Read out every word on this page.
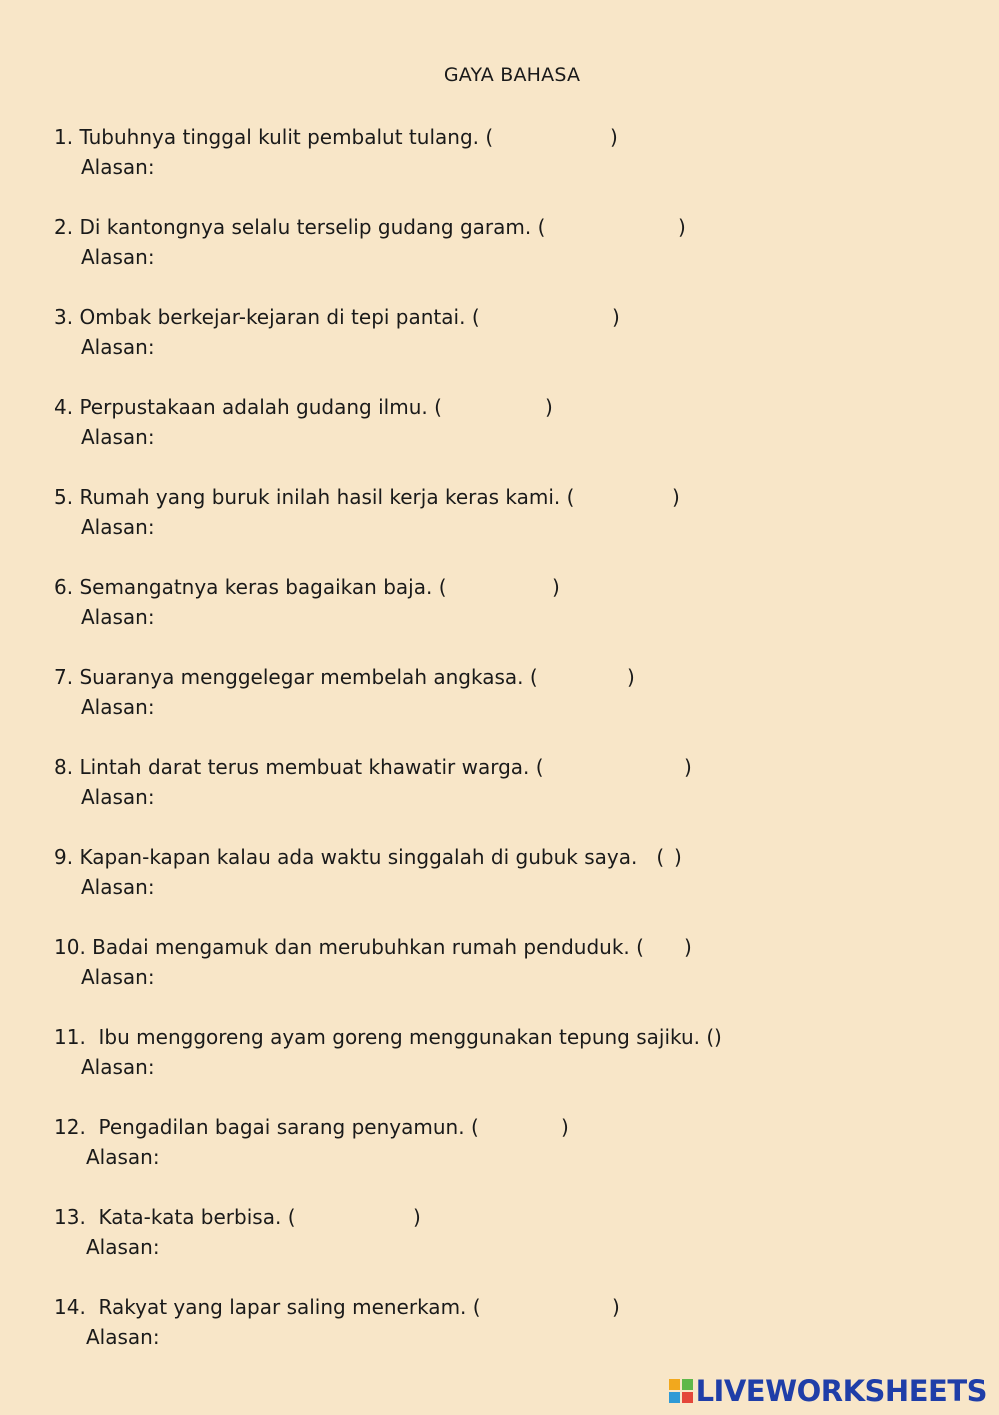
GAYA BAHASA
1. Tubuhnya tinggal kulit pembalut tulang. (	)
Alasan:
2. Di kantongnya selalu terselip gudang garam. (	)
Alasan:
3. Ombak berkejar-kejaran di tepi pantai. (	)
Alasan:
4. Perpustakaan adalah gudang ilmu. (	)
Alasan:
5. Rumah yang buruk inilah hasil kerja keras kami. (	)
Alasan:
6. Semangatnya keras bagaikan baja. (	)
Alasan:
7. Suaranya menggelegar membelah angkasa. (	)
Alasan:
8. Lintah darat terus membuat khawatir warga. (	)
Alasan:
9. Kapan-kapan kalau ada waktu singgalah di gubuk saya. ( )
Alasan:
10. Badai mengamuk dan merubuhkan rumah penduduk. ( )
Alasan:
11. Ibu menggoreng ayam goreng menggunakan tepung sajiku. ( )
Alasan:
12. Pengadilan bagai sarang penyamun. (	)
Alasan:
13. Kata-kata berbisa. (	)
Alasan:
14. Rakyat yang lapar saling menerkam. (	)
Alasan:
LIVEWORKSHEETS
